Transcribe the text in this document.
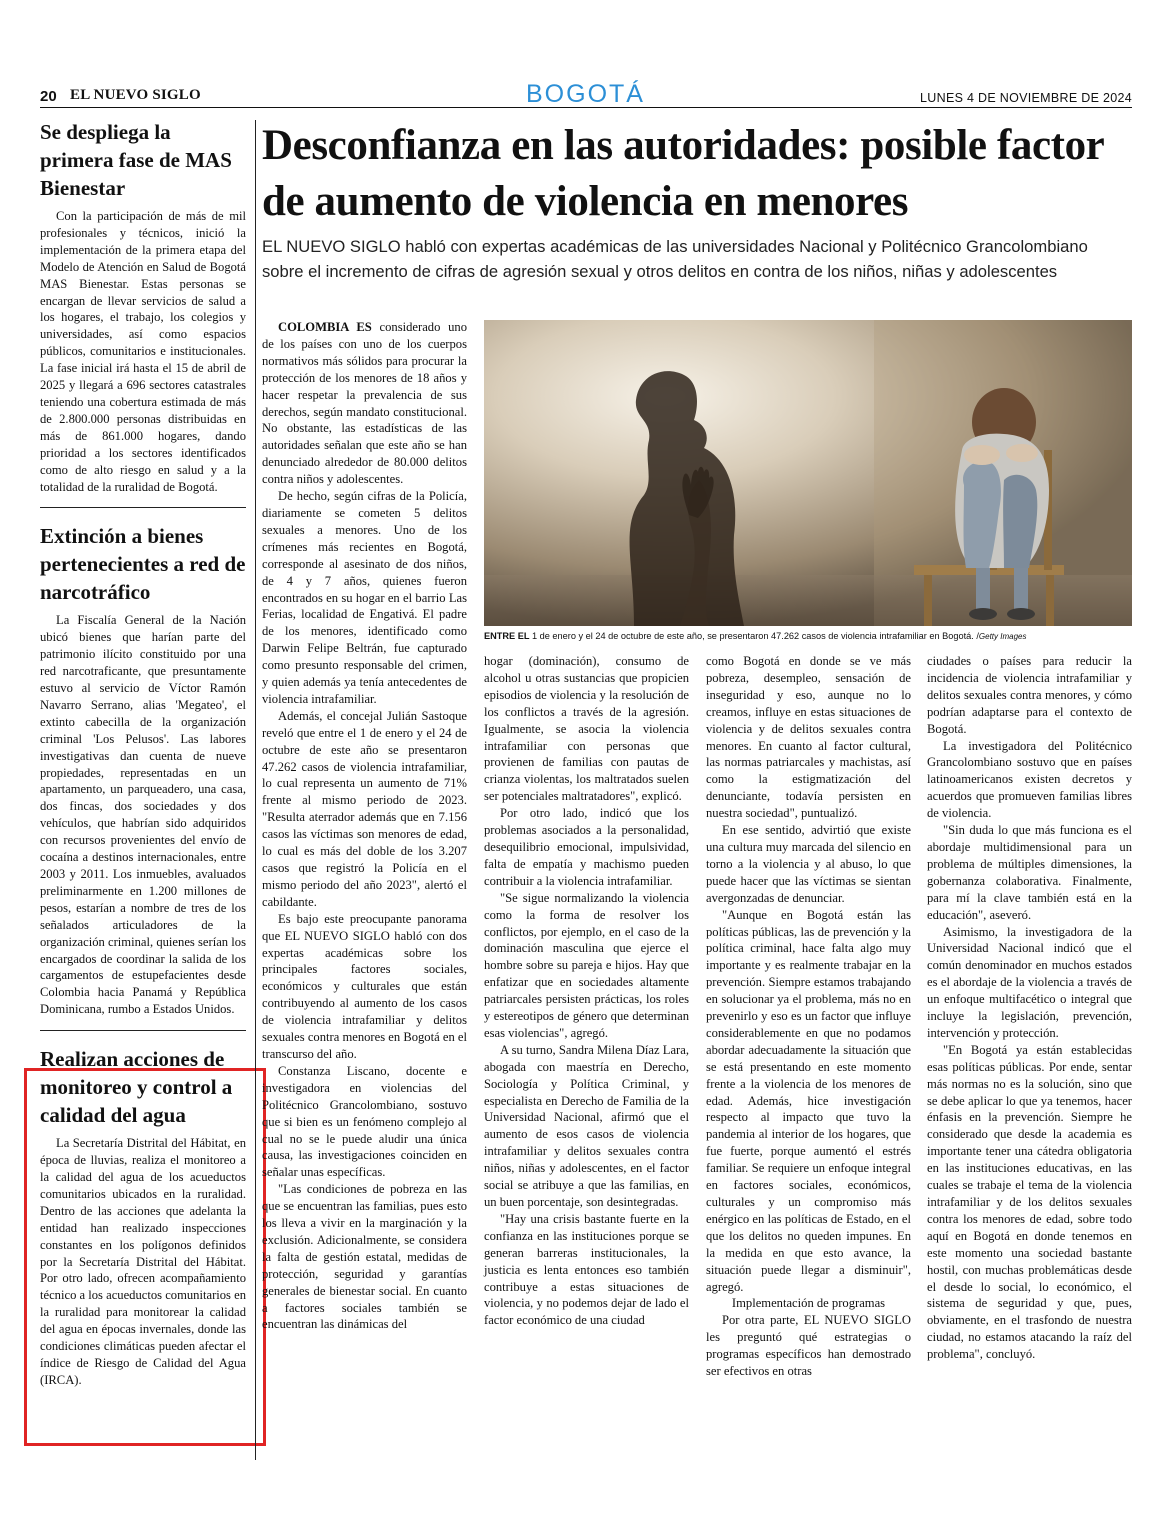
20 EL NUEVO SIGLO	BOGOTÁ	LUNES 4 DE NOVIEMBRE DE 2024
Se despliega la primera fase de MAS Bienestar

Con la participación de más de mil profesionales y técnicos, inició la implementación de la primera etapa del Modelo de Atención en Salud de Bogotá MAS Bienestar. Estas personas se encargan de llevar servicios de salud a los hogares, el trabajo, los colegios y universidades, así como espacios públicos, comunitarios e institucionales. La fase inicial irá hasta el 15 de abril de 2025 y llegará a 696 sectores catastrales teniendo una cobertura estimada de más de 2.800.000 personas distribuidas en más de 861.000 hogares, dando prioridad a los sectores identificados como de alto riesgo en salud y a la totalidad de la ruralidad de Bogotá.

Extinción a bienes pertenecientes a red de narcotráfico

La Fiscalía General de la Nación ubicó bienes que harían parte del patrimonio ilícito constituido por una red narcotraficante, que presuntamente estuvo al servicio de Víctor Ramón Navarro Serrano, alias 'Megateo', el extinto cabecilla de la organización criminal 'Los Pelusos'. Las labores investigativas dan cuenta de nueve propiedades, representadas en un apartamento, un parqueadero, una casa, dos fincas, dos sociedades y dos vehículos, que habrían sido adquiridos con recursos provenientes del envío de cocaína a destinos internacionales, entre 2003 y 2011. Los inmuebles, avaluados preliminarmente en 1.200 millones de pesos, estarían a nombre de tres de los señalados articuladores de la organización criminal, quienes serían los encargados de coordinar la salida de los cargamentos de estupefacientes desde Colombia hacia Panamá y República Dominicana, rumbo a Estados Unidos.

Realizan acciones de monitoreo y control a calidad del agua

La Secretaría Distrital del Hábitat, en época de lluvias, realiza el monitoreo a la calidad del agua de los acueductos comunitarios ubicados en la ruralidad. Dentro de las acciones que adelanta la entidad han realizado inspecciones constantes en los polígonos definidos por la Secretaría Distrital del Hábitat. Por otro lado, ofrecen acompañamiento técnico a los acueductos comunitarios en la ruralidad para monitorear la calidad del agua en épocas invernales, donde las condiciones climáticas pueden afectar el índice de Riesgo de Calidad del Agua (IRCA).

Desconfianza en las autoridades: posible factor de aumento de violencia en menores

EL NUEVO SIGLO habló con expertas académicas de las universidades Nacional y Politécnico Grancolombiano sobre el incremento de cifras de agresión sexual y otros delitos en contra de los niños, niñas y adolescentes

ENTRE EL 1 de enero y el 24 de octubre de este año, se presentaron 47.262 casos de violencia intrafamiliar en Bogotá. /Getty Images

COLOMBIA ES considerado uno de los países con uno de los cuerpos normativos más sólidos para procurar la protección de los menores de 18 años y hacer respetar la prevalencia de sus derechos, según mandato constitucional. No obstante, las estadísticas de las autoridades señalan que este año se han denunciado alrededor de 80.000 delitos contra niños y adolescentes.

De hecho, según cifras de la Policía, diariamente se cometen 5 delitos sexuales a menores. Uno de los crímenes más recientes en Bogotá, corresponde al asesinato de dos niños, de 4 y 7 años, quienes fueron encontrados en su hogar en el barrio Las Ferias, localidad de Engativá. El padre de los menores, identificado como Darwin Felipe Beltrán, fue capturado como presunto responsable del crimen, y quien además ya tenía antecedentes de violencia intrafamiliar.

Además, el concejal Julián Sastoque reveló que entre el 1 de enero y el 24 de octubre de este año se presentaron 47.262 casos de violencia intrafamiliar, lo cual representa un aumento de 71% frente al mismo periodo de 2023. "Resulta aterrador además que en 7.156 casos las víctimas son menores de edad, lo cual es más del doble de los 3.207 casos que registró la Policía en el mismo periodo del año 2023", alertó el cabildante.

Es bajo este preocupante panorama que EL NUEVO SIGLO habló con dos expertas académicas sobre los principales factores sociales, económicos y culturales que están contribuyendo al aumento de los casos de violencia intrafamiliar y delitos sexuales contra menores en Bogotá en el transcurso del año.

Constanza Liscano, docente e investigadora en violencias del Politécnico Grancolombiano, sostuvo que si bien es un fenómeno complejo al cual no se le puede aludir una única causa, las investigaciones coinciden en señalar unas específicas.

"Las condiciones de pobreza en las que se encuentran las familias, pues esto los lleva a vivir en la marginación y la exclusión. Adicionalmente, se considera la falta de gestión estatal, medidas de protección, seguridad y garantías generales de bienestar social. En cuanto a factores sociales también se encuentran las dinámicas del

hogar (dominación), consumo de alcohol u otras sustancias que propicien episodios de violencia y la resolución de los conflictos a través de la agresión. Igualmente, se asocia la violencia intrafamiliar con personas que provienen de familias con pautas de crianza violentas, los maltratados suelen ser potenciales maltratadores", explicó.

Por otro lado, indicó que los problemas asociados a la personalidad, desequilibrio emocional, impulsividad, falta de empatía y machismo pueden contribuir a la violencia intrafamiliar.

"Se sigue normalizando la violencia como la forma de resolver los conflictos, por ejemplo, en el caso de la dominación masculina que ejerce el hombre sobre su pareja e hijos. Hay que enfatizar que en sociedades altamente patriarcales persisten prácticas, los roles y estereotipos de género que determinan esas violencias", agregó.

A su turno, Sandra Milena Díaz Lara, abogada con maestría en Derecho, Sociología y Política Criminal, y especialista en Derecho de Familia de la Universidad Nacional, afirmó que el aumento de esos casos de violencia intrafamiliar y delitos sexuales contra niños, niñas y adolescentes, en el factor social se atribuye a que las familias, en un buen porcentaje, son desintegradas.

"Hay una crisis bastante fuerte en la confianza en las instituciones porque se generan barreras institucionales, la justicia es lenta entonces eso también contribuye a estas situaciones de violencia, y no podemos dejar de lado el factor económico de una ciudad

como Bogotá en donde se ve más pobreza, desempleo, sensación de inseguridad y eso, aunque no lo creamos, influye en estas situaciones de violencia y de delitos sexuales contra menores. En cuanto al factor cultural, las normas patriarcales y machistas, así como la estigmatización del denunciante, todavía persisten en nuestra sociedad", puntualizó.

En ese sentido, advirtió que existe una cultura muy marcada del silencio en torno a la violencia y al abuso, lo que puede hacer que las víctimas se sientan avergonzadas de denunciar.

"Aunque en Bogotá están las políticas públicas, las de prevención y la política criminal, hace falta algo muy importante y es realmente trabajar en la prevención. Siempre estamos trabajando en solucionar ya el problema, más no en prevenirlo y eso es un factor que influye considerablemente en que no podamos abordar adecuadamente la situación que se está presentando en este momento frente a la violencia de los menores de edad. Además, hice investigación respecto al impacto que tuvo la pandemia al interior de los hogares, que fue fuerte, porque aumentó el estrés familiar. Se requiere un enfoque integral en factores sociales, económicos, culturales y un compromiso más enérgico en las políticas de Estado, en el que los delitos no queden impunes. En la medida en que esto avance, la situación puede llegar a disminuir", agregó.

Implementación de programas

Por otra parte, EL NUEVO SIGLO les preguntó qué estrategias o programas específicos han demostrado ser efectivos en otras

ciudades o países para reducir la incidencia de violencia intrafamiliar y delitos sexuales contra menores, y cómo podrían adaptarse para el contexto de Bogotá.

La investigadora del Politécnico Grancolombiano sostuvo que en países latinoamericanos existen decretos y acuerdos que promueven familias libres de violencia.

"Sin duda lo que más funciona es el abordaje multidimensional para un problema de múltiples dimensiones, la gobernanza colaborativa. Finalmente, para mí la clave también está en la educación", aseveró.

Asimismo, la investigadora de la Universidad Nacional indicó que el común denominador en muchos estados es el abordaje de la violencia a través de un enfoque multifacético o integral que incluye la legislación, prevención, intervención y protección.

"En Bogotá ya están establecidas esas políticas públicas. Por ende, sentar más normas no es la solución, sino que se debe aplicar lo que ya tenemos, hacer énfasis en la prevención. Siempre he considerado que desde la academia es importante tener una cátedra obligatoria en las instituciones educativas, en las cuales se trabaje el tema de la violencia intrafamiliar y de los delitos sexuales contra los menores de edad, sobre todo aquí en Bogotá en donde tenemos en este momento una sociedad bastante hostil, con muchas problemáticas desde el desde lo social, lo económico, el sistema de seguridad y que, pues, obviamente, en el trasfondo de nuestra ciudad, no estamos atacando la raíz del problema", concluyó.
